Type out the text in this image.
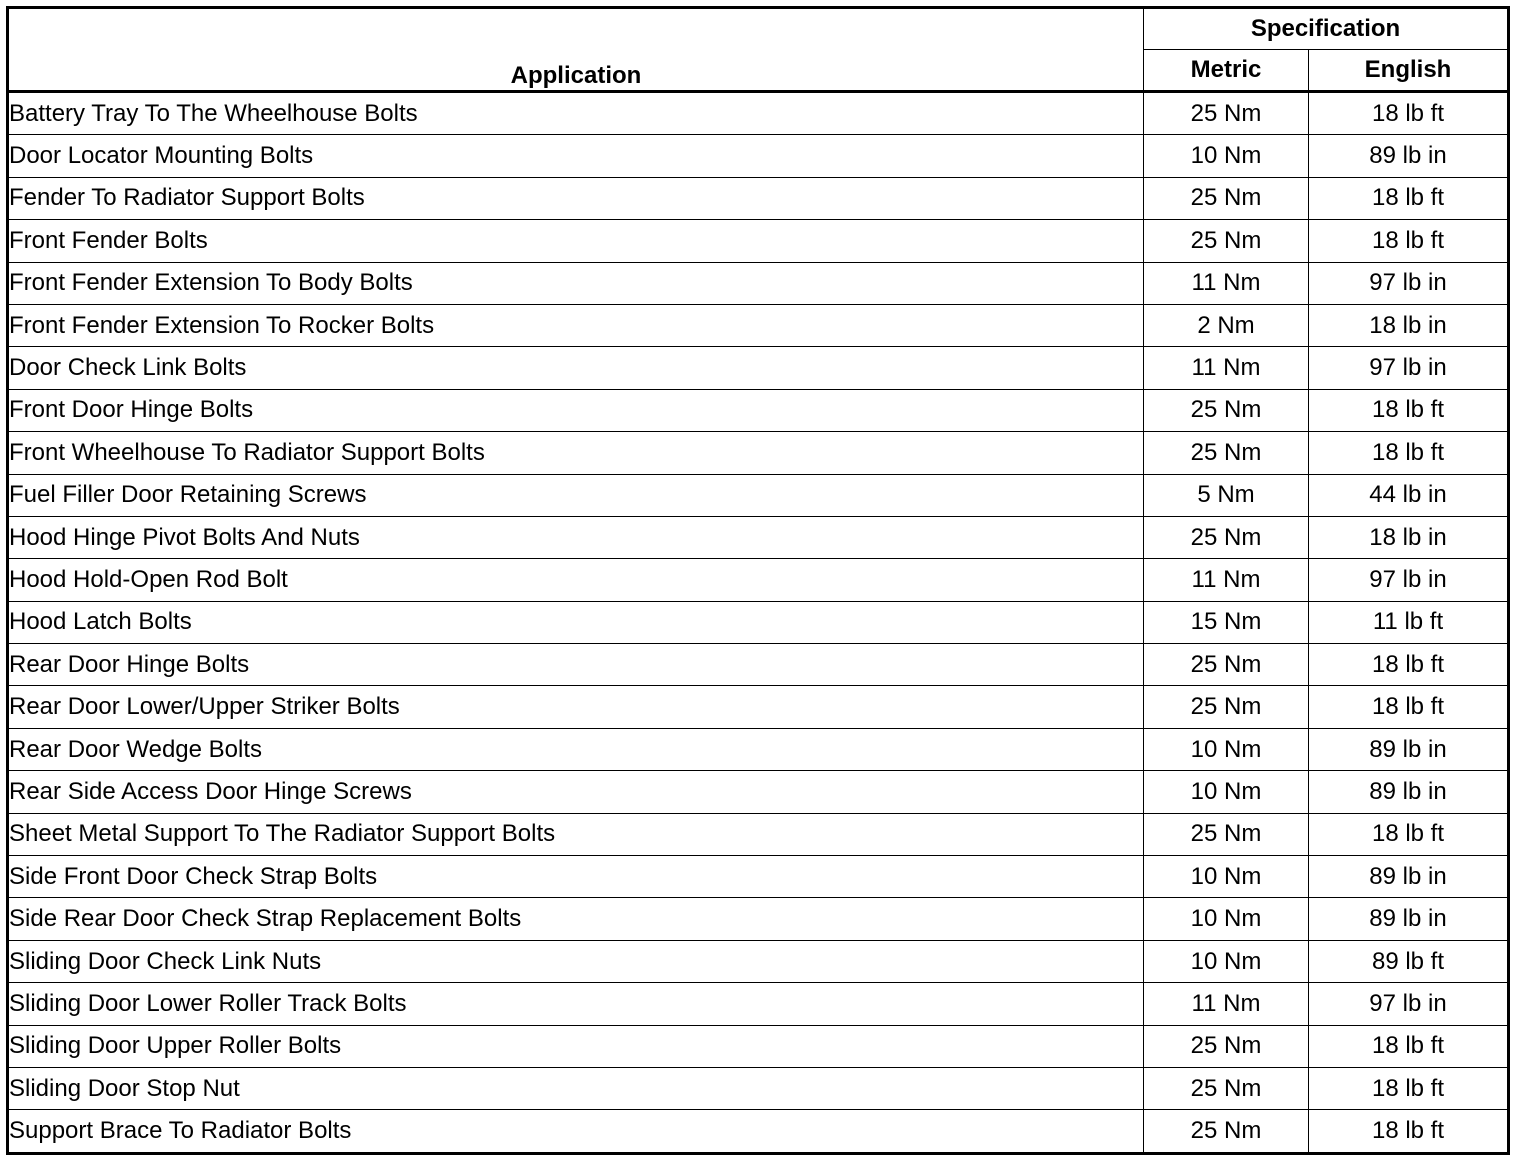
Application	Specification	
	Metric	English
Battery Tray To The Wheelhouse Bolts	25 Nm	18 lb ft
Door Locator Mounting Bolts	10 Nm	89 lb in
Fender To Radiator Support Bolts	25 Nm	18 lb ft
Front Fender Bolts	25 Nm	18 lb ft
Front Fender Extension To Body Bolts	11 Nm	97 lb in
Front Fender Extension To Rocker Bolts	2 Nm	18 lb in
Door Check Link Bolts	11 Nm	97 lb in
Front Door Hinge Bolts	25 Nm	18 lb ft
Front Wheelhouse To Radiator Support Bolts	25 Nm	18 lb ft
Fuel Filler Door Retaining Screws	5 Nm	44 lb in
Hood Hinge Pivot Bolts And Nuts	25 Nm	18 lb in
Hood Hold-Open Rod Bolt	11 Nm	97 lb in
Hood Latch Bolts	15 Nm	11 lb ft
Rear Door Hinge Bolts	25 Nm	18 lb ft
Rear Door Lower/Upper Striker Bolts	25 Nm	18 lb ft
Rear Door Wedge Bolts	10 Nm	89 lb in
Rear Side Access Door Hinge Screws	10 Nm	89 lb in
Sheet Metal Support To The Radiator Support Bolts	25 Nm	18 lb ft
Side Front Door Check Strap Bolts	10 Nm	89 lb in
Side Rear Door Check Strap Replacement Bolts	10 Nm	89 lb in
Sliding Door Check Link Nuts	10 Nm	89 lb ft
Sliding Door Lower Roller Track Bolts	11 Nm	97 lb in
Sliding Door Upper Roller Bolts	25 Nm	18 lb ft
Sliding Door Stop Nut	25 Nm	18 lb ft
Support Brace To Radiator Bolts	25 Nm	18 lb ft
